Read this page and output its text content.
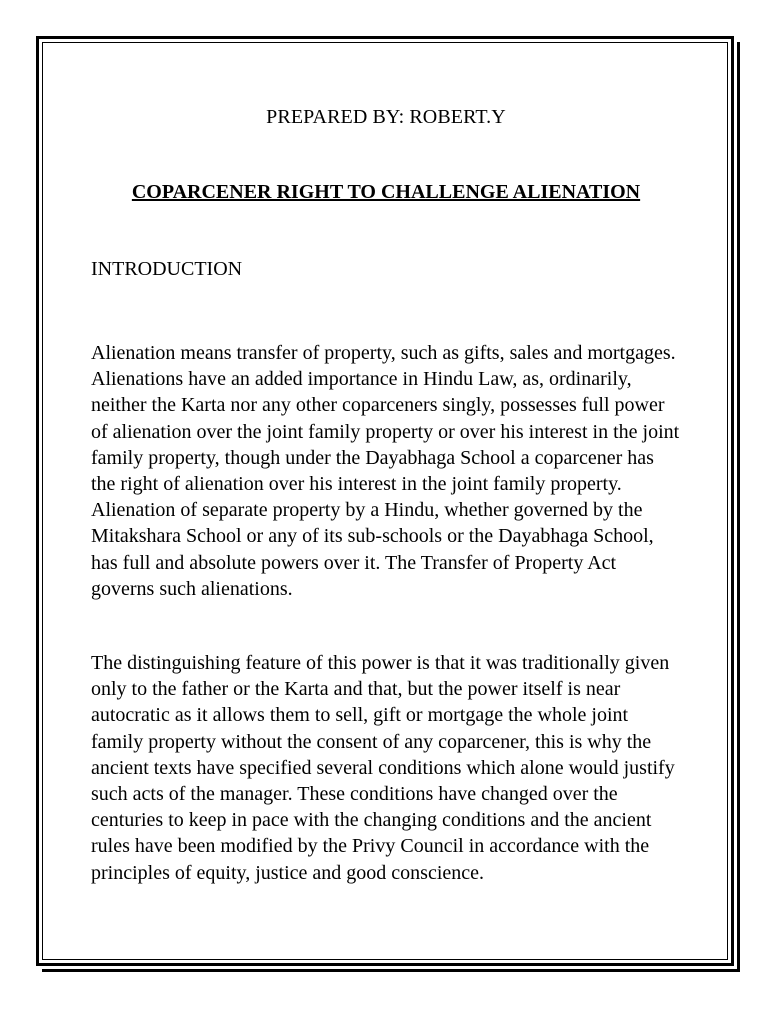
PREPARED BY: ROBERT.Y

COPARCENER RIGHT TO CHALLENGE ALIENATION

INTRODUCTION

Alienation means transfer of property, such as gifts, sales and mortgages. Alienations have an added importance in Hindu Law, as, ordinarily, neither the Karta nor any other coparceners singly, possesses full power of alienation over the joint family property or over his interest in the joint family property, though under the Dayabhaga School a coparcener has the right of alienation over his interest in the joint family property. Alienation of separate property by a Hindu, whether governed by the Mitakshara School or any of its sub-schools or the Dayabhaga School, has full and absolute powers over it. The Transfer of Property Act governs such alienations.

The distinguishing feature of this power is that it was traditionally given only to the father or the Karta and that, but the power itself is near autocratic as it allows them to sell, gift or mortgage the whole joint family property without the consent of any coparcener, this is why the ancient texts have specified several conditions which alone would justify such acts of the manager. These conditions have changed over the centuries to keep in pace with the changing conditions and the ancient rules have been modified by the Privy Council in accordance with the principles of equity, justice and good conscience.
